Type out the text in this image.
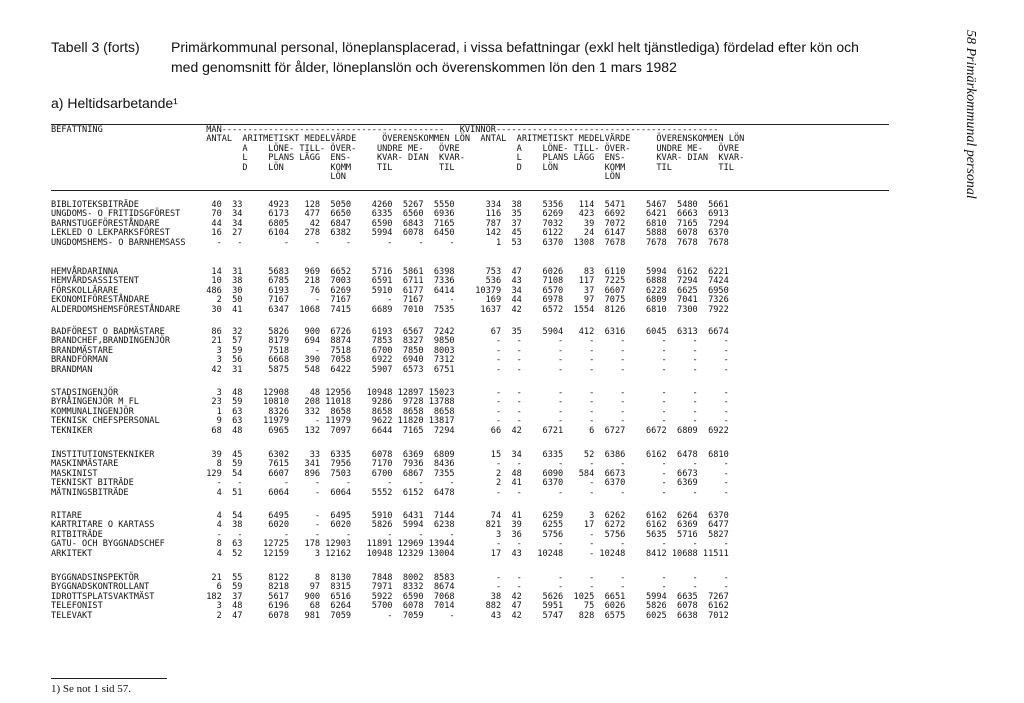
Tabell 3 (forts)	Primärkommunal personal, löneplansplacerad, i vissa befattningar (exkl helt tjänstlediga) fördelad efter kön och
med genomsnitt för ålder, löneplanslön och överenskommen lön den 1 mars 1982
a) Heltidsarbetande¹	58 Primärkommunal personal
BEFATTNING                    MAN-------------------------------------------   KVINNOR-------------------------------------------
ANTAL  ARITMETISKT MEDELVÄRDE     ÖVERENSKOMMEN LÖN  ANTAL  ARITMETISKT MEDELVÄRDE     ÖVERENSKOMMEN LÖN
A    LÖNE- TILL- ÖVER-    UNDRE ME-   ÖVRE           A    LÖNE- TILL- ÖVER-     UNDRE ME-   ÖVRE
L    PLANS LÄGG  ENS-     KVAR- DIAN  KVAR-          L    PLANS LÄGG  ENS-      KVAR- DIAN  KVAR-
D    LÖN         KOMM     TIL         TIL            D    LÖN         KOMM      TIL         TIL
LÖN                                                  LÖN
BIBLIOTEKSBITRÄDE              40  33     4923   128  5050    4260  5267  5550      334  38    5356   114  5471    5467  5480  5661
UNGDOMS- O FRITIDSGFÖREST      70  34     6173   477  6650    6335  6560  6936      116  35    6269   423  6692    6421  6663  6913
BARNSTUGEFÖRESTÅNDARE          44  34     6805    42  6847    6590  6843  7165      787  37    7032    39  7072    6810  7165  7294
LEKLED O LEKPARKSFÖREST        16  27     6104   278  6382    5994  6078  6450      142  45    6122    24  6147    5888  6078  6370
UNGDOMSHEMS- O BARNHEMSASS      -   -        -     -     -       -     -     -        1  53    6370  1308  7678    7678  7678  7678
HEMVÅRDARINNA                  14  31     5683   969  6652    5716  5861  6398      753  47    6026    83  6110    5994  6162  6221
HEMVÅRDSASSISTENT              10  38     6785   218  7003    6591  6711  7336      536  43    7108   117  7225    6888  7294  7424
FÖRSKOLLÄRARE                 486  30     6193    76  6269    5910  6177  6414    10379  34    6570    37  6607    6228  6625  6950
EKONOMIFÖRESTÅNDARE             2  50     7167     -  7167       -  7167     -      169  44    6978    97  7075    6809  7041  7326
ALDERDOMSHEMSFÖRESTÅNDARE      30  41     6347  1068  7415    6689  7010  7535     1637  42    6572  1554  8126    6810  7300  7922
BADFÖREST O BADMÄSTARE         86  32     5826   900  6726    6193  6567  7242       67  35    5904   412  6316    6045  6313  6674
BRANDCHEF,BRANDINGENJÖR        21  57     8179   694  8874    7853  8327  9850        -   -       -     -     -       -     -     -
BRANDMÄSTARE                    3  59     7518     -  7518    6700  7850  8003        -   -       -     -     -       -     -     -
BRANDFÖRMAN                     3  56     6668   390  7058    6922  6940  7312        -   -       -     -     -       -     -     -
BRANDMAN                       42  31     5875   548  6422    5907  6573  6751        -   -       -     -     -       -     -     -
STADSINGENJÖR                   3  48    12908    48 12956   10948 12897 15023        -   -       -     -     -       -     -     -
BYRÅINGENJÖR M FL              23  59    10810   208 11018    9286  9728 13788        -   -       -     -     -       -     -     -
KOMMUNALINGENJÖR                1  63     8326   332  8658    8658  8658  8658        -   -       -     -     -       -     -     -
TEKNISK CHEFSPERSONAL           9  63    11979     - 11979    9622 11820 13817        -   -       -     -     -       -     -     -
TEKNIKER                       68  48     6965   132  7097    6644  7165  7294       66  42    6721     6  6727    6672  6809  6922
INSTITUTIONSTEKNIKER           39  45     6302    33  6335    6078  6369  6809       15  34    6335    52  6386    6162  6478  6810
MASKINMÄSTARE                   8  59     7615   341  7956    7170  7936  8436        -   -       -     -     -       -     -     -
MASKINIST                     129  54     6607   896  7503    6700  6867  7355        2  48    6090   584  6673       -  6673     -
TEKNISKT BITRÄDE                -   -        -     -     -       -     -     -        2  41    6370     -  6370       -  6369     -
MÄTNINGSBITRÄDE                 4  51     6064     -  6064    5552  6152  6478        -   -       -     -     -       -     -     -
RITARE                          4  54     6495     -  6495    5910  6431  7144       74  41    6259     3  6262    6162  6264  6370
KARTRITARE O KARTASS            4  38     6020     -  6020    5826  5994  6238      821  39    6255    17  6272    6162  6369  6477
RITBITRÄDE                      -   -        -     -     -       -     -     -        3  36    5756     -  5756    5635  5716  5827
GATU- OCH BYGGNADSCHEF          8  63    12725   178 12903   11891 12969 13944        -   -       -     -     -       -     -     -
ARKITEKT                        4  52    12159     3 12162   10948 12329 13004       17  43   10248     - 10248    8412 10688 11511
BYGGNADSINSPEKTÖR              21  55     8122     8  8130    7848  8002  8583        -   -       -     -     -       -     -     -
BYGGNADSKONTROLLANT             6  59     8218    97  8315    7971  8332  8674        -   -       -     -     -       -     -     -
IDROTTSPLATSVAKTMÄST          182  37     5617   900  6516    5922  6590  7068       38  42    5626  1025  6651    5994  6635  7267
TELEFONIST                      3  48     6196    68  6264    5700  6078  7014      882  47    5951    75  6026    5826  6078  6162
TELEVAKT                        2  47     6078   981  7059       -  7059     -       43  42    5747   828  6575    6025  6638  7012
1) Se not 1 sid 57.
